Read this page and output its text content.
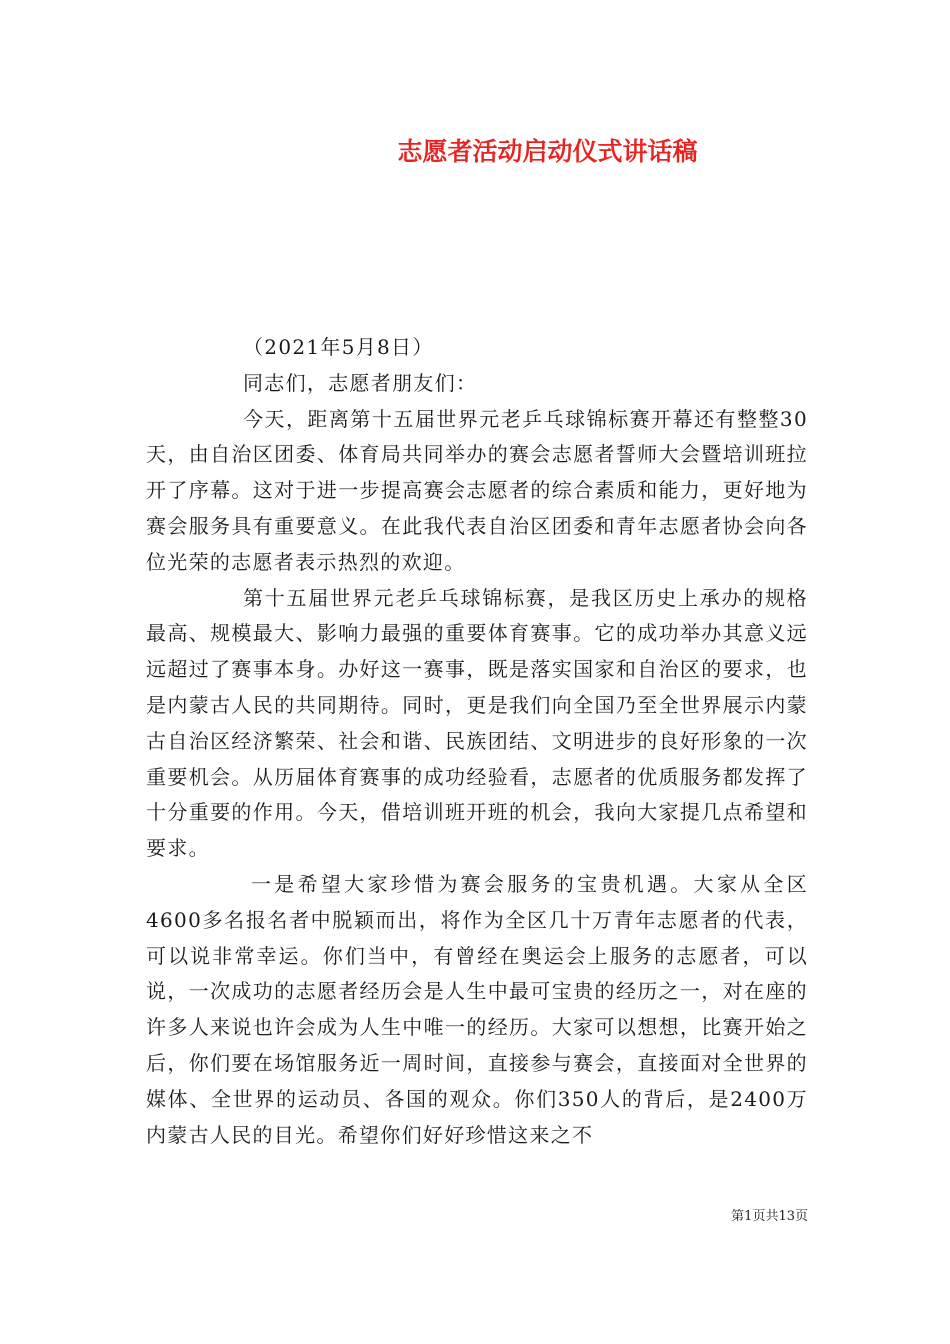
志愿者活动启动仪式讲话稿

（2021年5月8日）

同志们，志愿者朋友们：

今天，距离第十五届世界元老乒乓球锦标赛开幕还有整整30天，由自治区团委、体育局共同举办的赛会志愿者誓师大会暨培训班拉开了序幕。这对于进一步提高赛会志愿者的综合素质和能力，更好地为赛会服务具有重要意义。在此我代表自治区团委和青年志愿者协会向各位光荣的志愿者表示热烈的欢迎。

第十五届世界元老乒乓球锦标赛，是我区历史上承办的规格最高、规模最大、影响力最强的重要体育赛事。它的成功举办其意义远远超过了赛事本身。办好这一赛事，既是落实国家和自治区的要求，也是内蒙古人民的共同期待。同时，更是我们向全国乃至全世界展示内蒙古自治区经济繁荣、社会和谐、民族团结、文明进步的良好形象的一次重要机会。从历届体育赛事的成功经验看，志愿者的优质服务都发挥了十分重要的作用。今天，借培训班开班的机会，我向大家提几点希望和要求。

一是希望大家珍惜为赛会服务的宝贵机遇。大家从全区4600多名报名者中脱颖而出，将作为全区几十万青年志愿者的代表，可以说非常幸运。你们当中，有曾经在奥运会上服务的志愿者，可以说，一次成功的志愿者经历会是人生中最可宝贵的经历之一，对在座的许多人来说也许会成为人生中唯一的经历。大家可以想想，比赛开始之后，你们要在场馆服务近一周时间，直接参与赛会，直接面对全世界的媒体、全世界的运动员、各国的观众。你们350人的背后，是2400万内蒙古人民的目光。希望你们好好珍惜这来之不

第1页共13页
